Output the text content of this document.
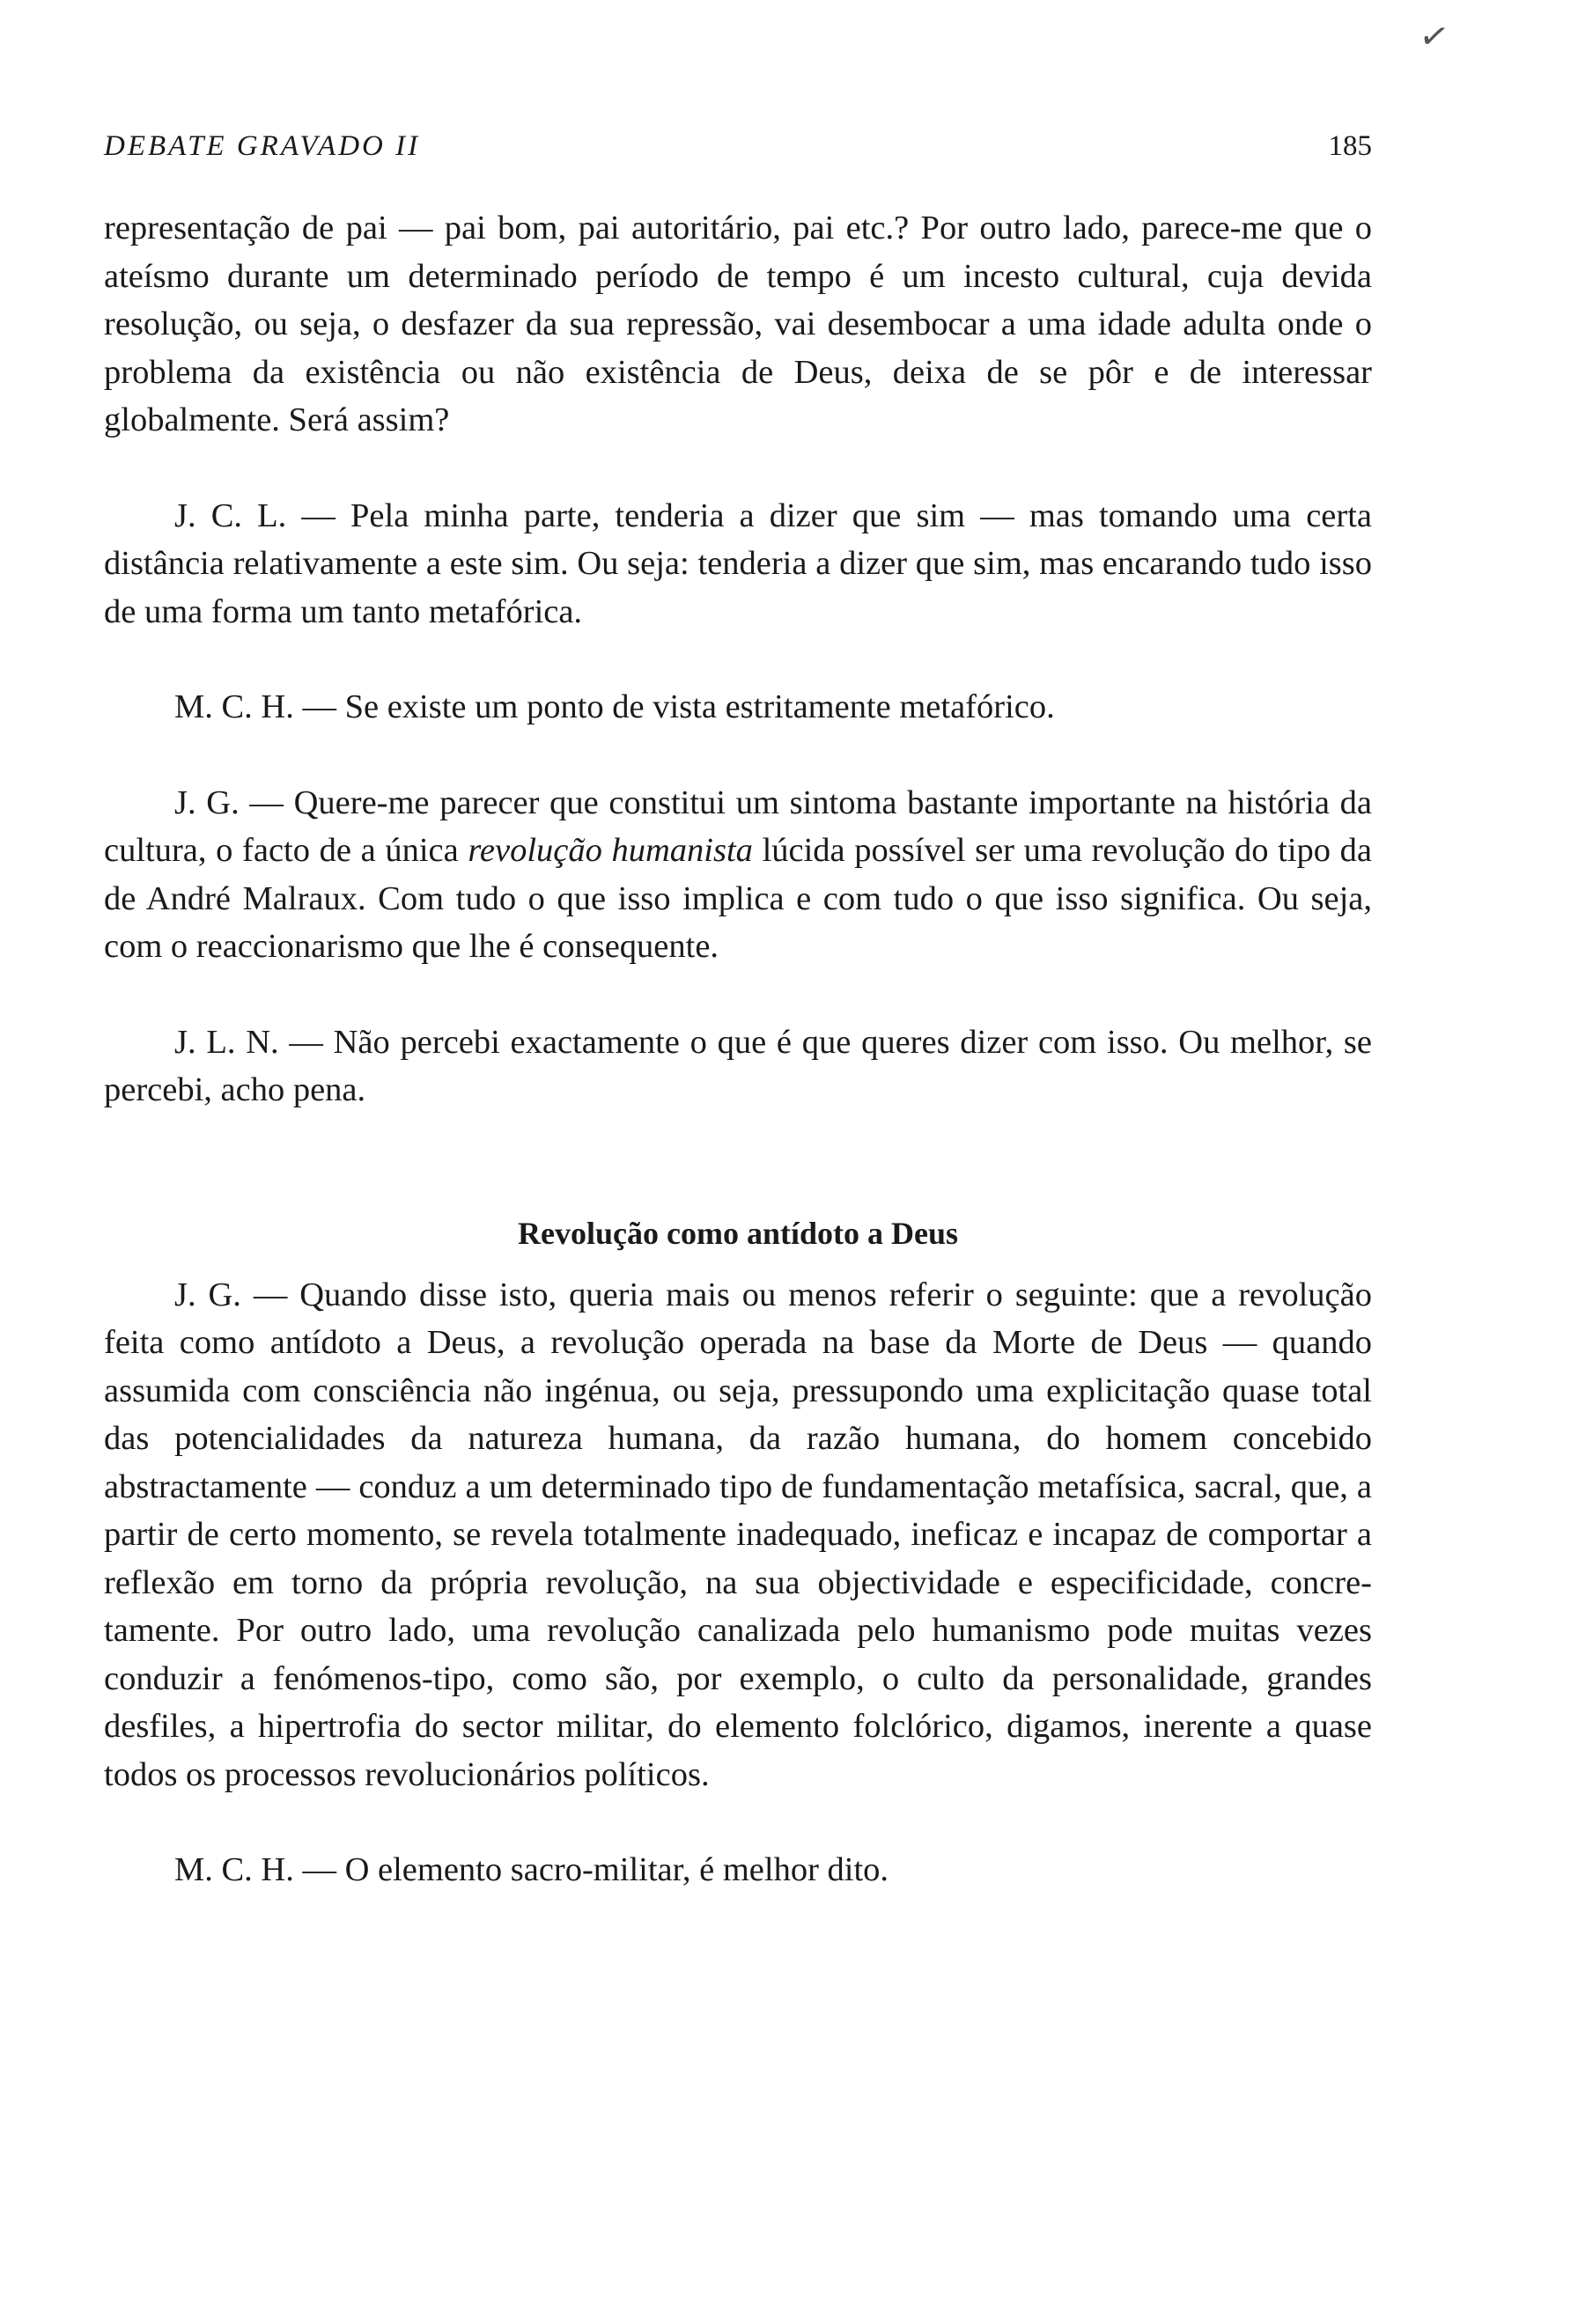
✓
DEBATE GRAVADO II	185

representação de pai — pai bom, pai autoritário, pai etc.? Por outro lado, parece-me que o ateísmo durante um determinado período de tempo é um incesto cultural, cuja devida resolução, ou seja, o desfazer da sua repressão, vai desembocar a uma idade adulta onde o problema da existência ou não existência de Deus, deixa de se pôr e de interessar globalmente. Será assim?

J. C. L. — Pela minha parte, tenderia a dizer que sim — mas tomando uma certa distância relativamente a este sim. Ou seja: tenderia a dizer que sim, mas encarando tudo isso de uma forma um tanto metafórica.

M. C. H. — Se existe um ponto de vista estritamente metafórico.

J. G. — Quere-me parecer que constitui um sintoma bastante importante na história da cultura, o facto de a única revolução humanista lúcida possível ser uma revolução do tipo da de André Malraux. Com tudo o que isso implica e com tudo o que isso significa. Ou seja, com o reaccionarismo que lhe é consequente.

J. L. N. — Não percebi exactamente o que é que queres dizer com isso. Ou melhor, se percebi, acho pena.

Revolução como antídoto a Deus

J. G. — Quando disse isto, queria mais ou menos referir o seguinte: que a revolução feita como antídoto a Deus, a revolução operada na base da Morte de Deus — quando assumida com consciência não ingénua, ou seja, pressupondo uma explicitação quase total das potencialidades da natureza humana, da razão humana, do homem concebido abstractamente — conduz a um determinado tipo de fundamentação metafísica, sacral, que, a partir de certo momento, se revela totalmente inadequado, ineficaz e incapaz de comportar a reflexão em torno da própria revolução, na sua objectividade e especificidade, concretamente. Por outro lado, uma revolução canalizada pelo humanismo pode muitas vezes conduzir a fenómenos-tipo, como são, por exemplo, o culto da personalidade, grandes desfiles, a hipertrofia do sector militar, do elemento folclórico, digamos, inerente a quase todos os processos revolucionários políticos.

M. C. H. — O elemento sacro-militar, é melhor dito.
